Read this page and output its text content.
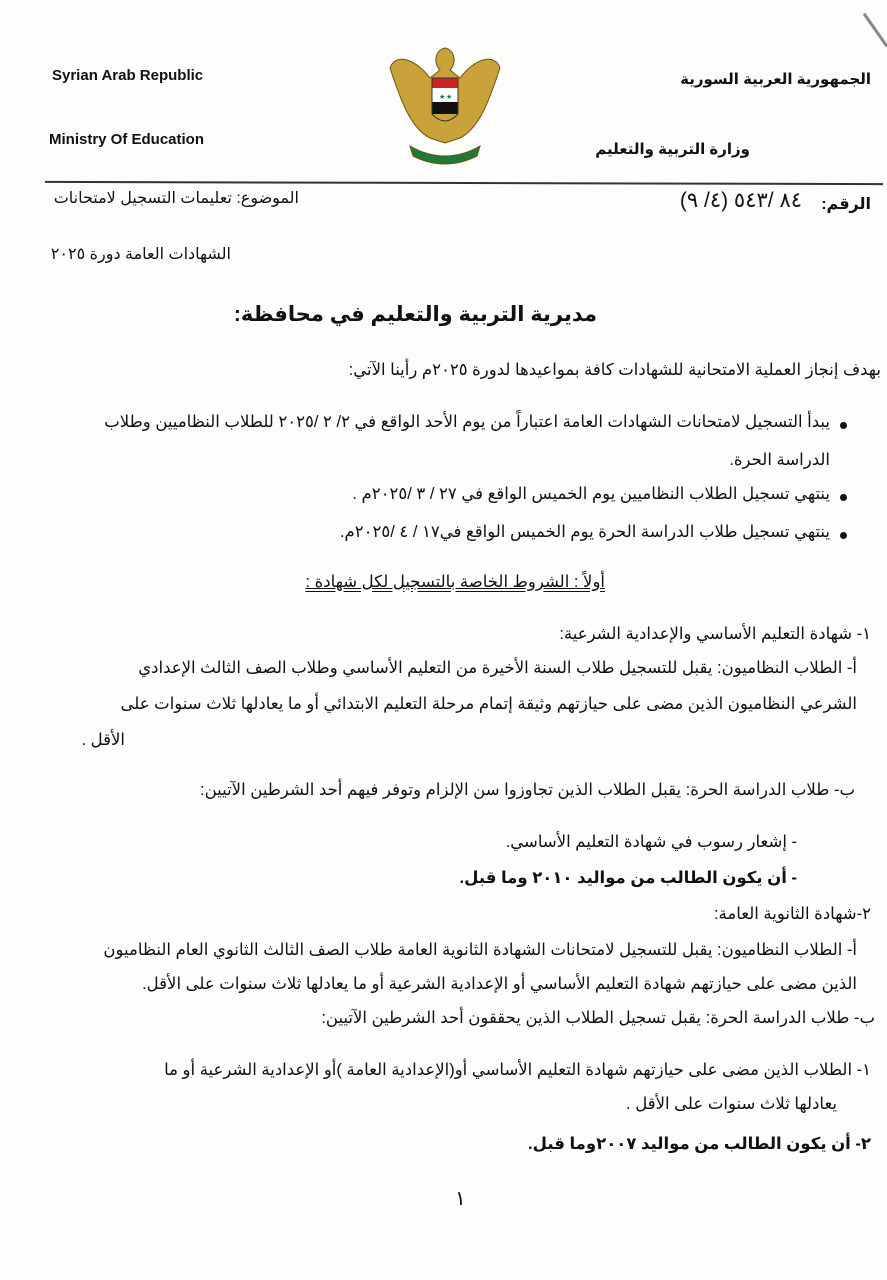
Syrian Arab Republic
Ministry Of Education
الجمهورية العربية السورية
وزارة التربية والتعليم
★ ★
الرقم:
٨٤ /٥٤٣ (٤/ ٩)
الموضوع: تعليمات التسجيل لامتحانات
الشهادات العامة دورة ٢٠٢٥
مديرية التربية والتعليم في محافظة:
بهدف إنجاز العملية الامتحانية للشهادات كافة بمواعيدها لدورة ٢٠٢٥م رأينا الآتي:
يبدأ التسجيل لامتحانات الشهادات العامة اعتباراً من يوم الأحد الواقع في ٢/ ٢ /٢٠٢٥ للطلاب النظاميين وطلاب
الدراسة الحرة.
ينتهي تسجيل الطلاب النظاميين يوم الخميس الواقع في ٢٧ / ٣ /٢٠٢٥م .
ينتهي تسجيل طلاب الدراسة الحرة يوم الخميس الواقع في١٧ / ٤ /٢٠٢٥م.
أولاً : الشروط الخاصة بالتسجيل لكل شهادة :
١- شهادة التعليم الأساسي والإعدادية الشرعية:
أ- الطلاب النظاميون: يقبل للتسجيل طلاب السنة الأخيرة من التعليم الأساسي وطلاب الصف الثالث الإعدادي
الشرعي النظاميون الذين مضى على حيازتهم وثيقة إتمام مرحلة التعليم الابتدائي أو ما يعادلها ثلاث سنوات على
الأقل .
ب- طلاب الدراسة الحرة: يقبل الطلاب الذين تجاوزوا سن الإلزام وتوفر فيهم أحد الشرطين الآتيين:
- إشعار رسوب في شهادة التعليم الأساسي.
- أن يكون الطالب من مواليد ٢٠١٠ وما قبل.
٢-شهادة الثانوية العامة:
أ- الطلاب النظاميون: يقبل للتسجيل لامتحانات الشهادة الثانوية العامة طلاب الصف الثالث الثانوي العام النظاميون
الذين مضى على حيازتهم شهادة التعليم الأساسي أو الإعدادية الشرعية أو ما يعادلها ثلاث سنوات على الأقل.
ب- طلاب الدراسة الحرة: يقبل تسجيل الطلاب الذين يحققون أحد الشرطين الآتيين:
١- الطلاب الذين مضى على حيازتهم شهادة التعليم الأساسي أو(الإعدادية العامة )أو الإعدادية الشرعية أو ما
يعادلها ثلاث سنوات على الأقل .
٢- أن يكون الطالب من مواليد ٢٠٠٧وما قبل.
١
